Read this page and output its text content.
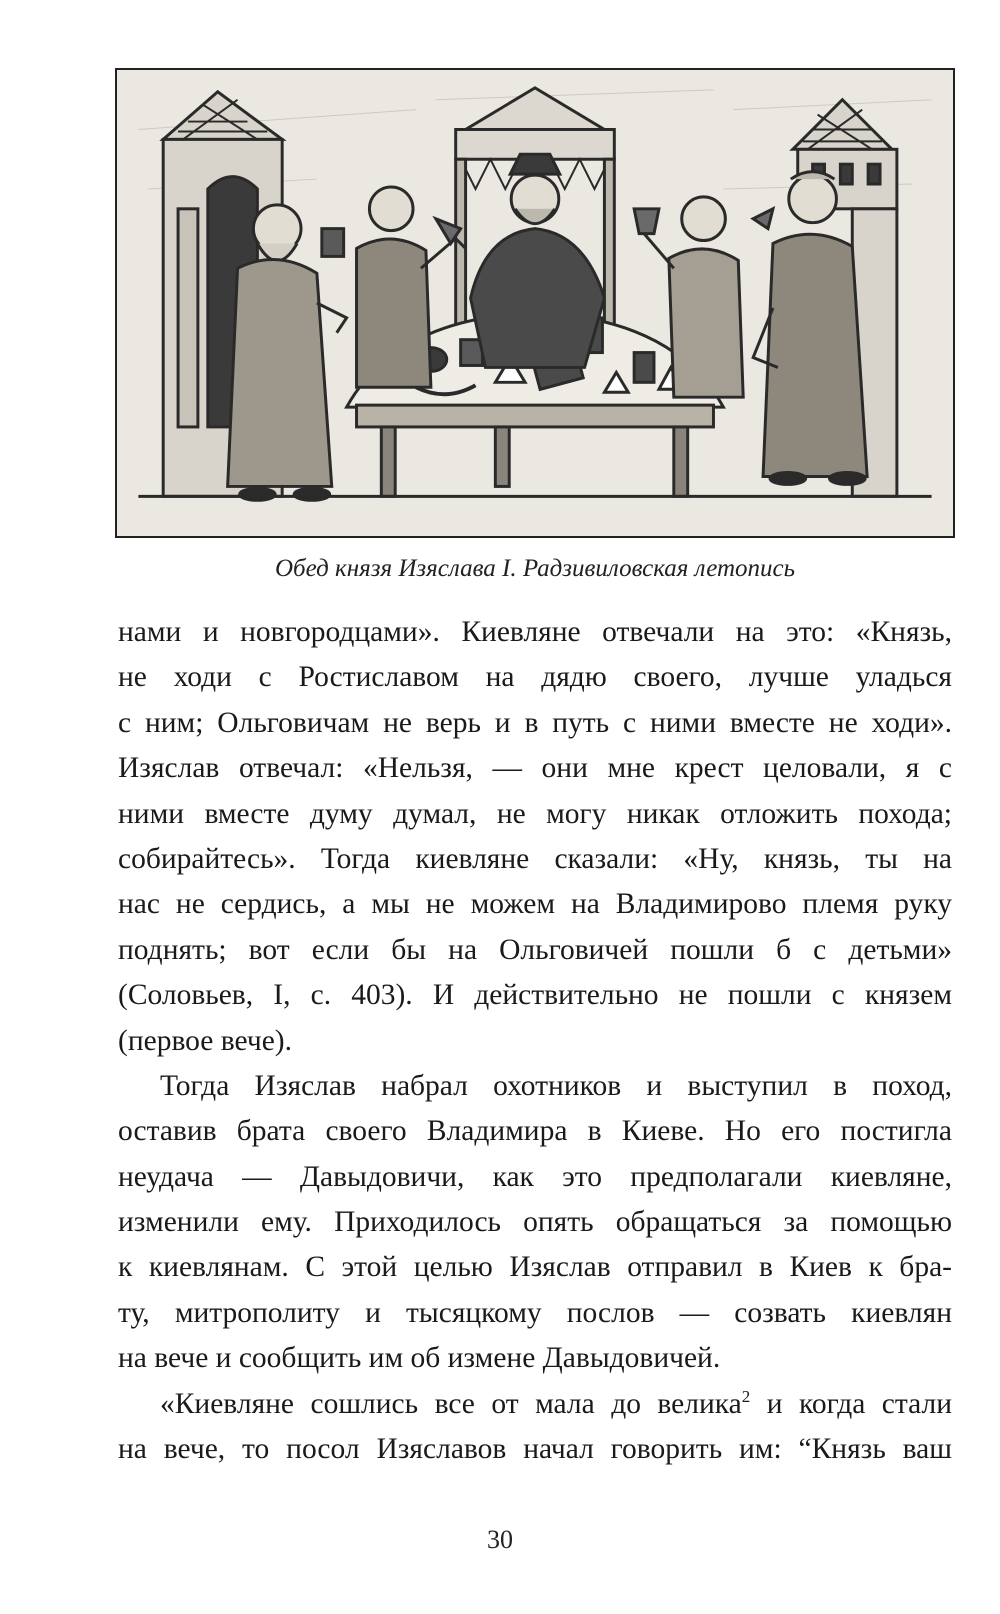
Обед князя Изяслава I. Радзивиловская летопись
нами и новгородцами». Киевляне отвечали на это: «Князь,
не ходи с Ростиславом на дядю своего, лучше уладься
с ним; Ольговичам не верь и в путь с ними вместе не ходи».
Изяслав отвечал: «Нельзя, — они мне крест целовали, я с
ними вместе думу думал, не могу никак отложить похода;
собирайтесь». Тогда киевляне сказали: «Ну, князь, ты на
нас не сердись, а мы не можем на Владимирово племя руку
поднять; вот если бы на Ольговичей пошли б с детьми»
(Соловьев, I, с. 403). И действительно не пошли с князем
(первое вече).
Тогда Изяслав набрал охотников и выступил в поход,
оставив брата своего Владимира в Киеве. Но его постигла
неудача — Давыдовичи, как это предполагали киевляне,
изменили ему. Приходилось опять обращаться за помощью
к киевлянам. С этой целью Изяслав отправил в Киев к бра-
ту, митрополиту и тысяцкому послов — созвать киевлян
на вече и сообщить им об измене Давыдовичей.
«Киевляне сошлись все от мала до велика$^2$ и когда стали
на вече, то посол Изяславов начал говорить им: “Князь ваш
30
